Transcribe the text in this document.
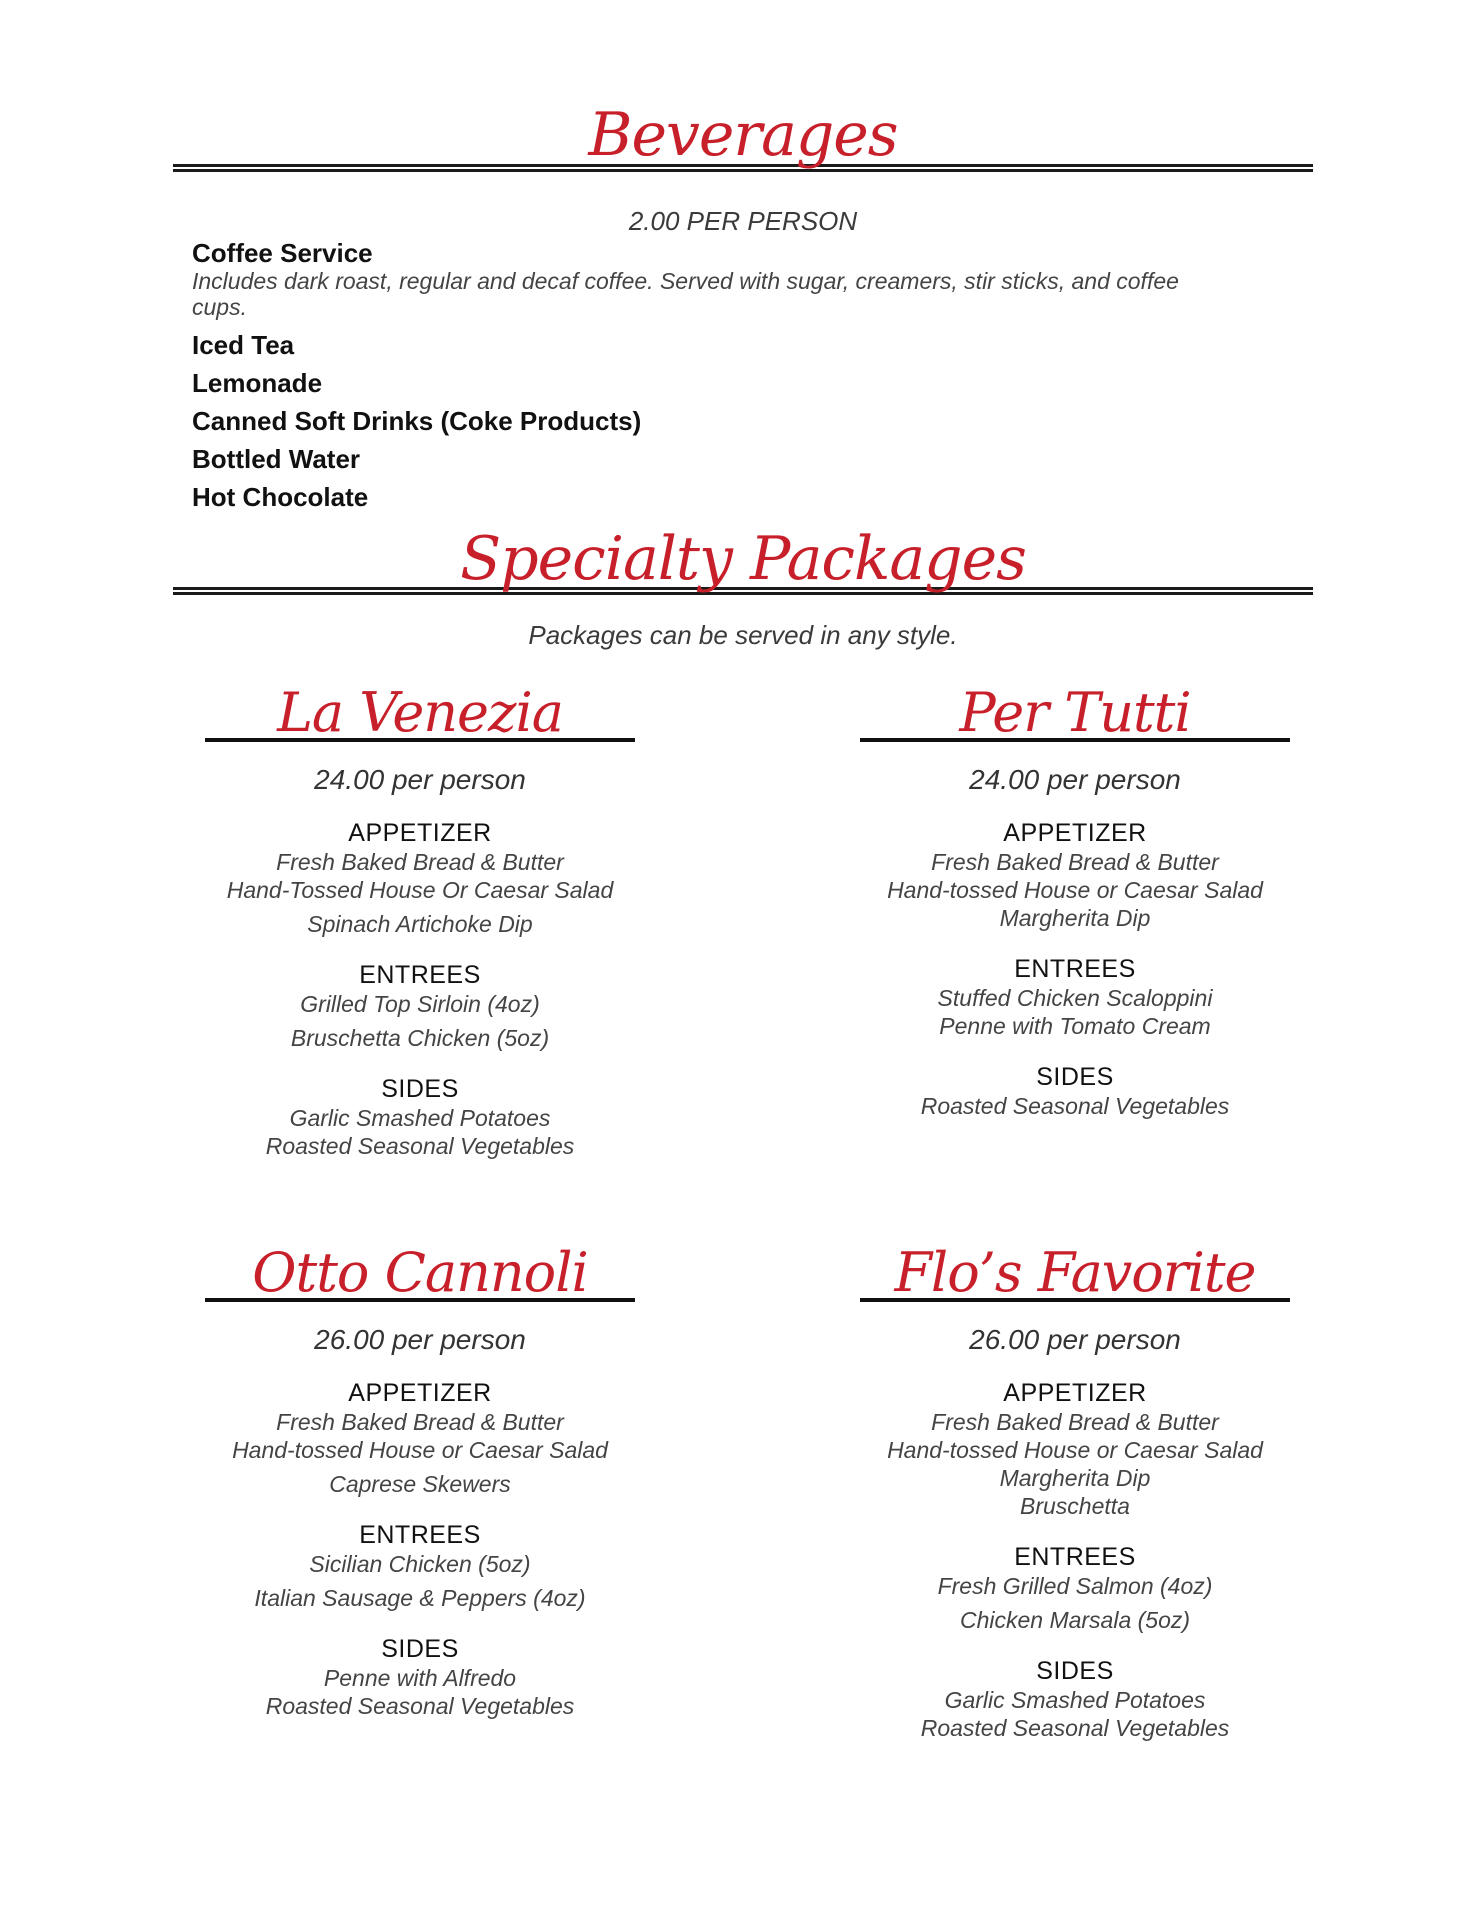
Beverages
2.00 PER PERSON
Coffee Service
Includes dark roast, regular and decaf coffee. Served with sugar, creamers, stir sticks, and coffee cups.
Iced Tea
Lemonade
Canned Soft Drinks (Coke Products)
Bottled Water
Hot Chocolate
Specialty Packages
Packages can be served in any style.
La Venezia
24.00 per person
APPETIZER
Fresh Baked Bread & Butter
Hand-Tossed House Or Caesar Salad
Spinach Artichoke Dip
ENTREES
Grilled Top Sirloin (4oz)
Bruschetta Chicken (5oz)
SIDES
Garlic Smashed Potatoes
Roasted Seasonal Vegetables
Per Tutti
24.00 per person
APPETIZER
Fresh Baked Bread & Butter
Hand-tossed House or Caesar Salad
Margherita Dip
ENTREES
Stuffed Chicken Scaloppini
Penne with Tomato Cream
SIDES
Roasted Seasonal Vegetables
Otto Cannoli
26.00 per person
APPETIZER
Fresh Baked Bread & Butter
Hand-tossed House or Caesar Salad
Caprese Skewers
ENTREES
Sicilian Chicken (5oz)
Italian Sausage & Peppers (4oz)
SIDES
Penne with Alfredo
Roasted Seasonal Vegetables
Flo’s Favorite
26.00 per person
APPETIZER
Fresh Baked Bread & Butter
Hand-tossed House or Caesar Salad
Margherita Dip
Bruschetta
ENTREES
Fresh Grilled Salmon (4oz)
Chicken Marsala (5oz)
SIDES
Garlic Smashed Potatoes
Roasted Seasonal Vegetables
